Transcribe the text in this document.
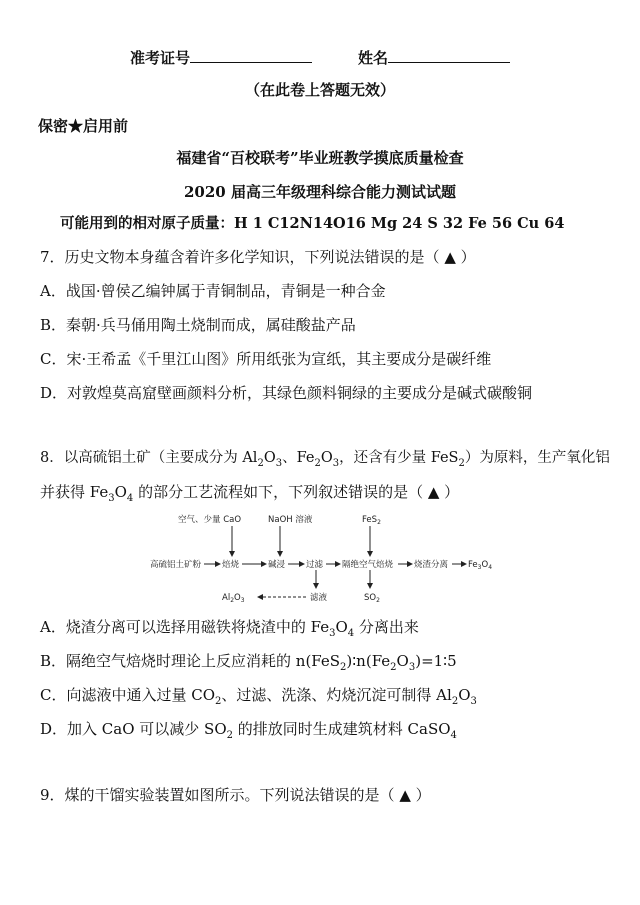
准考证号	姓名
（在此卷上答题无效）
保密★启用前
福建省“百校联考”毕业班教学摸底质量检查
2020 届高三年级理科综合能力测试试题
可能用到的相对原子质量：H 1 C12N14O16 Mg 24 S 32 Fe 56 Cu 64
7．历史文物本身蕴含着许多化学知识，下列说法错误的是（ ▲ ）
A．战国·曾侯乙编钟属于青铜制品，青铜是一种合金
B．秦朝·兵马俑用陶土烧制而成，属硅酸盐产品
C．宋·王希孟《千里江山图》所用纸张为宣纸，其主要成分是碳纤维
D．对敦煌莫高窟壁画颜料分析，其绿色颜料铜绿的主要成分是碱式碳酸铜
8．以高硫铝土矿（主要成分为 $Al_2O_3$、$Fe_2O_3$，还含有少量 FeS$_2$）为原料，生产氧化铝
并获得 $Fe_3O_4$ 的部分工艺流程如下，下列叙述错误的是（ ▲ ）
空气、少量 CaO	NaOH 溶液	FeS$_2$
高硫铝土矿粉 焙烧	碱浸 过滤 隔绝空气焙烧 烧渣分离 $Fe_3O_4$
滤液
$Al_2O_3$	$SO_2$
A．烧渣分离可以选择用磁铁将烧渣中的 $Fe_3O_4$ 分离出来
B．隔绝空气焙烧时理论上反应消耗的 $n(FeS_2)∶n(Fe_2O_3)=1∶5$
C．向滤液中通入过量 $CO_2$、过滤、洗涤、灼烧沉淀可制得 $Al_2O_3$
D．加入 CaO 可以减少 $SO_2$ 的排放同时生成建筑材料 CaSO$_4$
9．煤的干馏实验装置如图所示。下列说法错误的是（ ▲ ）
